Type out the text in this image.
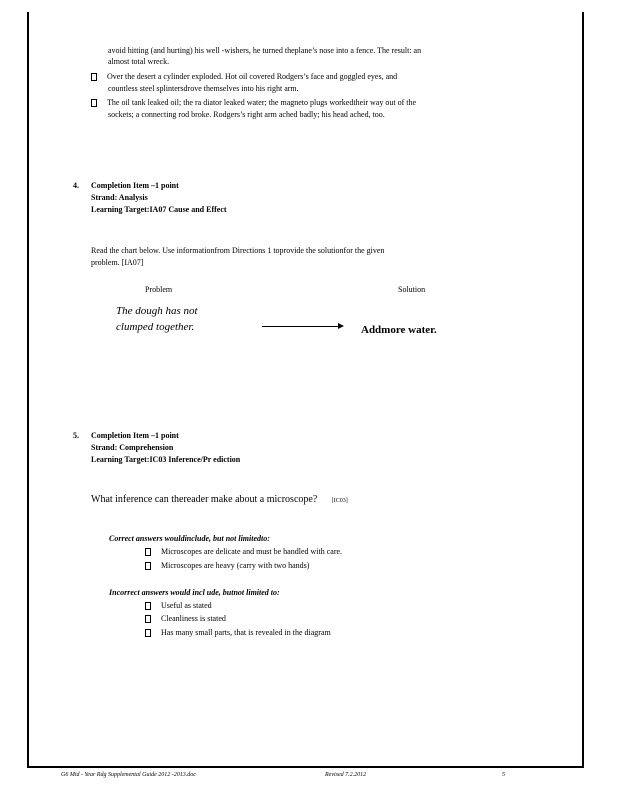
avoid hitting (and hurting) his well -wishers, he turned theplane’s nose into a fence. The result: an
almost total wreck.
Over the desert a cylinder exploded. Hot oil covered Rodgers’s face and goggled eyes, and
countless steel splintersdrove themselves into his right arm.
The oil tank leaked oil; the ra diator leaked water; the magneto plugs workedtheir way out of the
sockets; a connecting rod broke. Rodgers’s right arm ached badly; his head ached, too.
4. Completion Item –1 point
Strand: Analysis
Learning Target:IA07 Cause and Effect
Read the chart below. Use informationfrom Directions 1 toprovide the solutionfor the given
problem. [IA07]
Problem	Solution
The dough has not
clumped together.	Addmore water.
5. Completion Item –1 point
Strand: Comprehension
Learning Target:IC03 Inference/Pr ediction
What inference can thereader make about a microscope? [IC03]
Correct answers wouldinclude, but not limitedto:
Microscopes are delicate and must be handled with care.
Microscopes are heavy (carry with two hands)
Incorrect answers would incl ude, butnot limited to:
Useful as stated
Cleanliness is stated
Has many small parts, that is revealed in the diagram
G6 Mid - Year Rdg Supplemental Guide 2012 -2013.doc	Revised 7.2.2012	5
